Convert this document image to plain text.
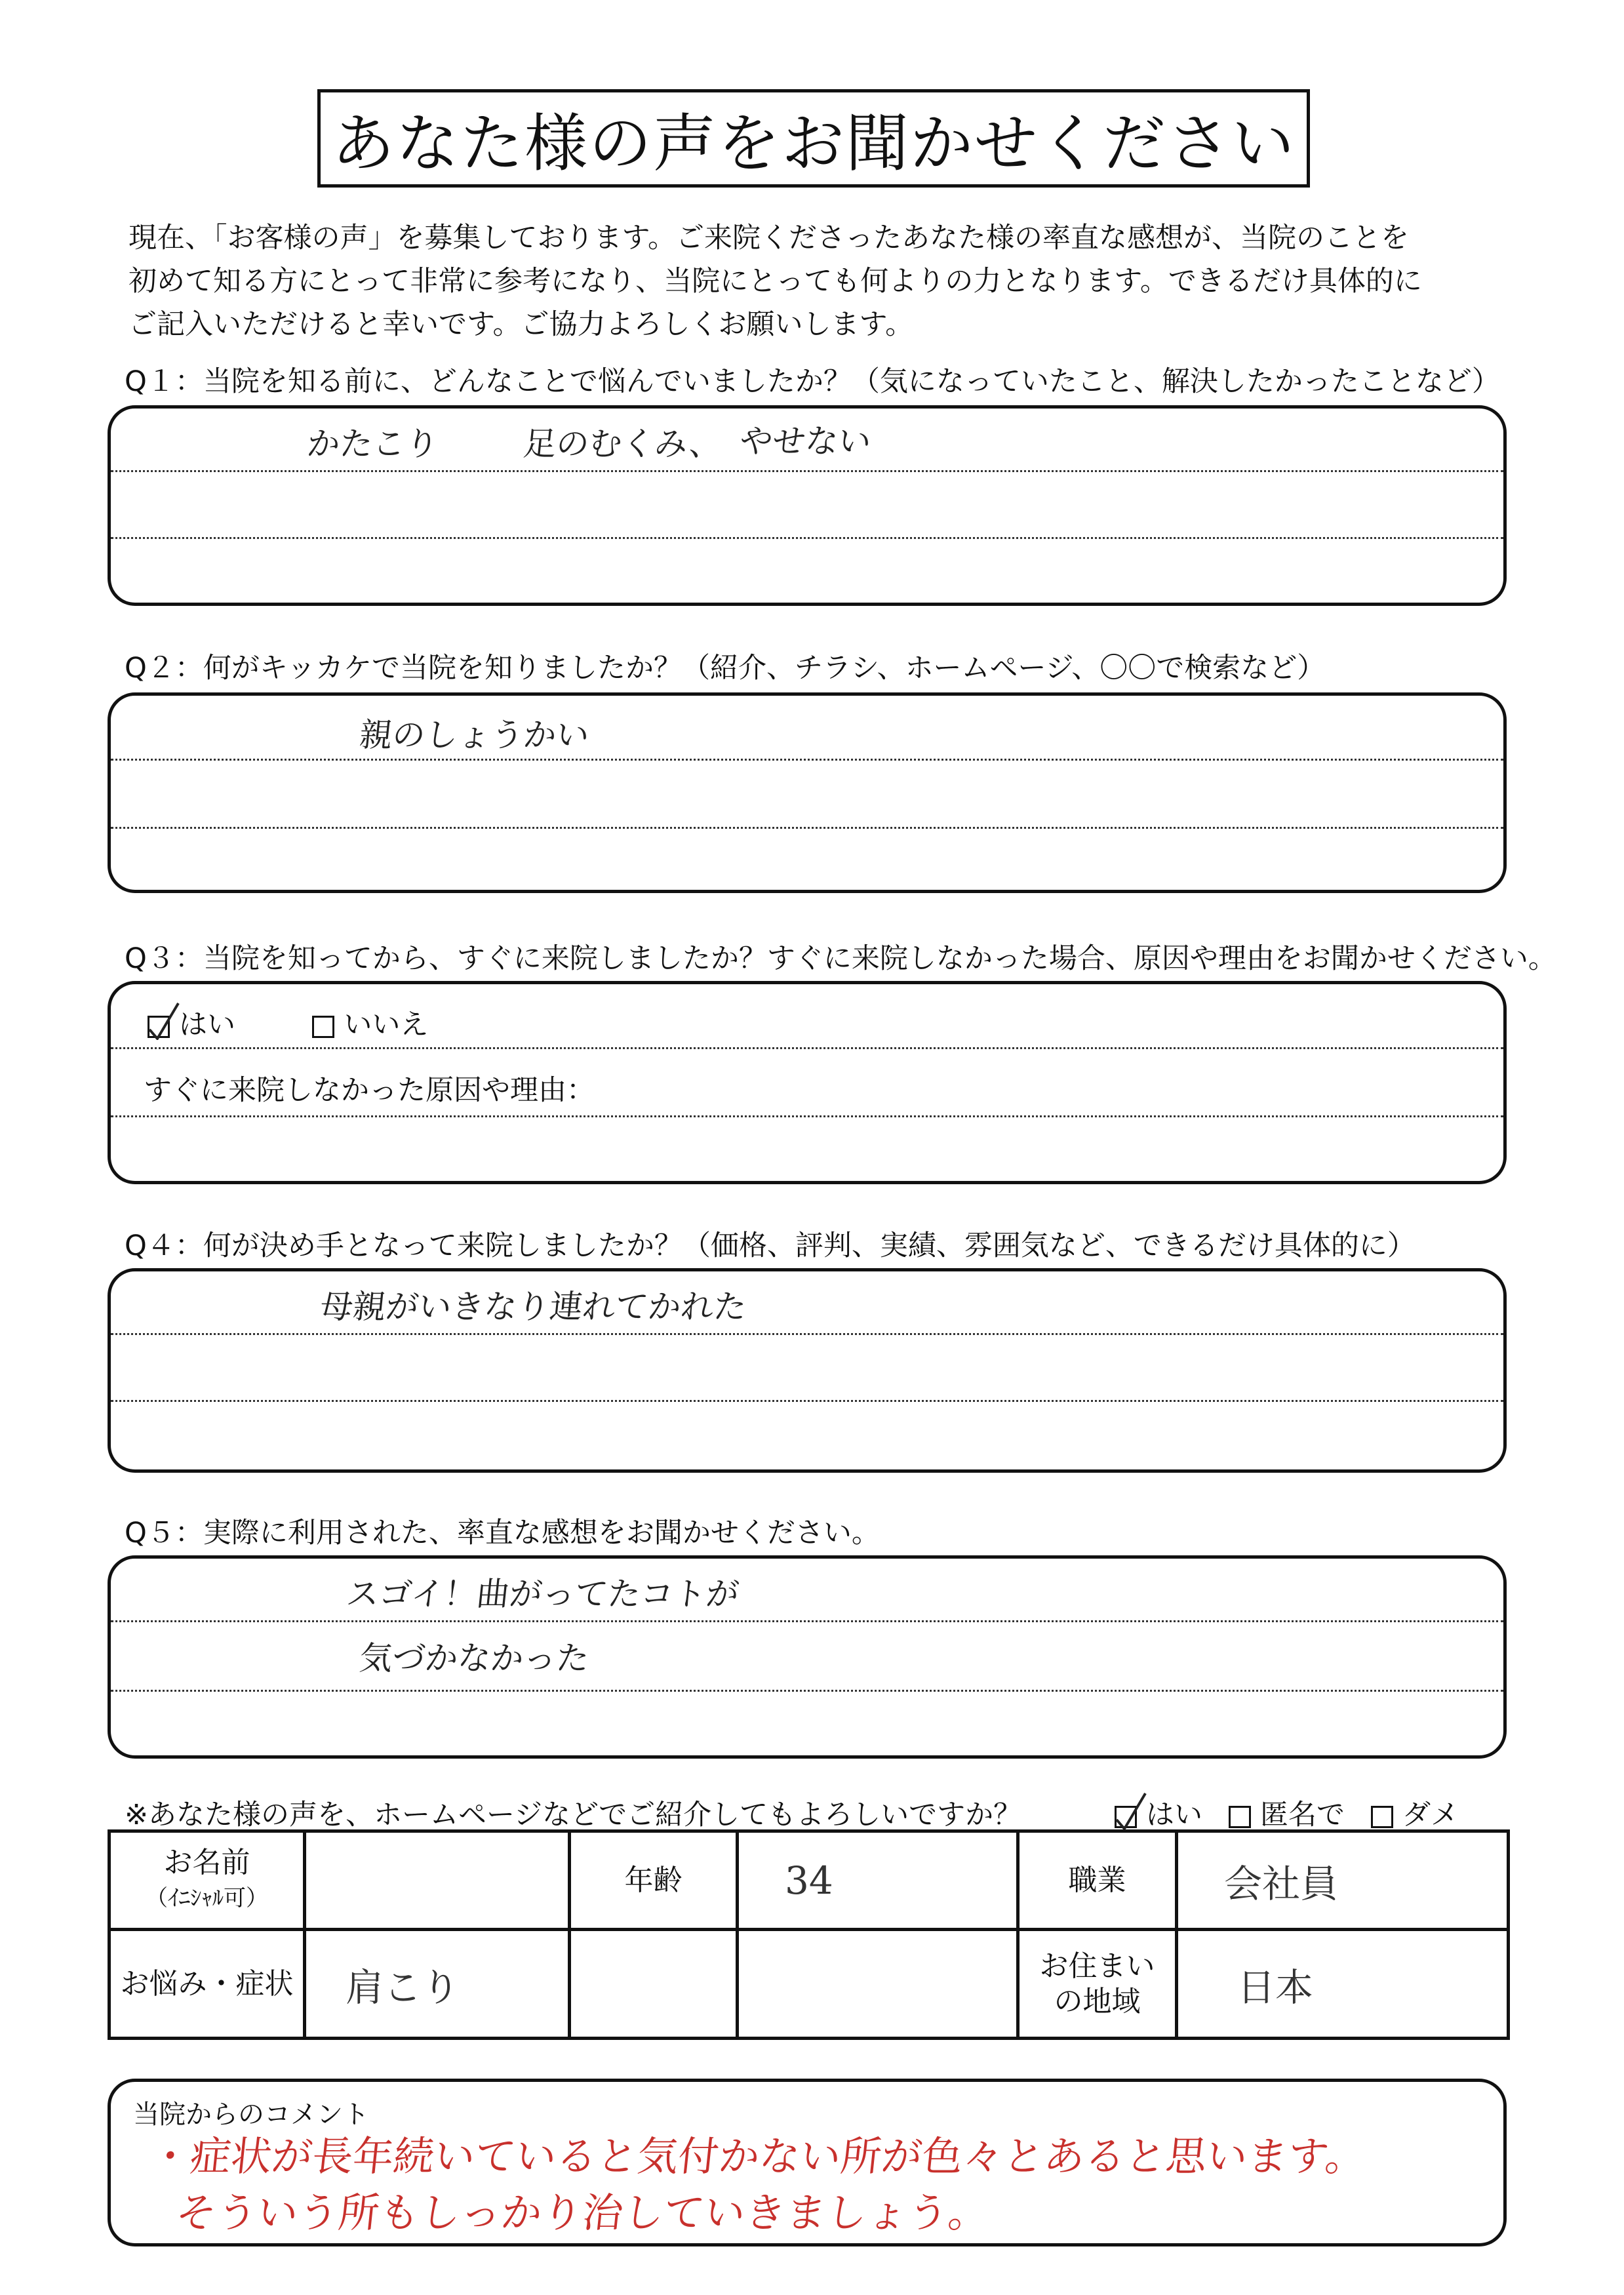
あなた様の声をお聞かせください
現在、「お客様の声」を募集しております。ご来院くださったあなた様の率直な感想が、当院のことを
初めて知る方にとって非常に参考になり、当院にとっても何よりの力となります。できるだけ具体的に
ご記入いただけると幸いです。ご協力よろしくお願いします。
Q１：当院を知る前に、どんなことで悩んでいましたか？（気になっていたこと、解決したかったことなど）
かたこり 足のむくみ、 やせない
Q２：何がキッカケで当院を知りましたか？（紹介、チラシ、ホームページ、〇〇で検索など）
親のしょうかい
Q３：当院を知ってから、すぐに来院しましたか？すぐに来院しなかった場合、原因や理由をお聞かせください。
はい	いいえ
すぐに来院しなかった原因や理由：
Q４：何が決め手となって来院しましたか？（価格、評判、実績、雰囲気など、できるだけ具体的に）
母親がいきなり連れてかれた
Q５：実際に利用された、率直な感想をお聞かせください。
スゴイ！曲がってたコトが
気づかなかった
※あなた様の声を、ホームページなどでご紹介してもよろしいですか？	はい	匿名で	ダメ
お名前
（ｲﾆｼｬﾙ可）		年齢	34	職業	会社員
お悩み・症状	肩こり			お住まい
の地域	日本
当院からのコメント
・症状が長年続いていると気付かない所が色々とあると思います。
そういう所もしっかり治していきましょう。
